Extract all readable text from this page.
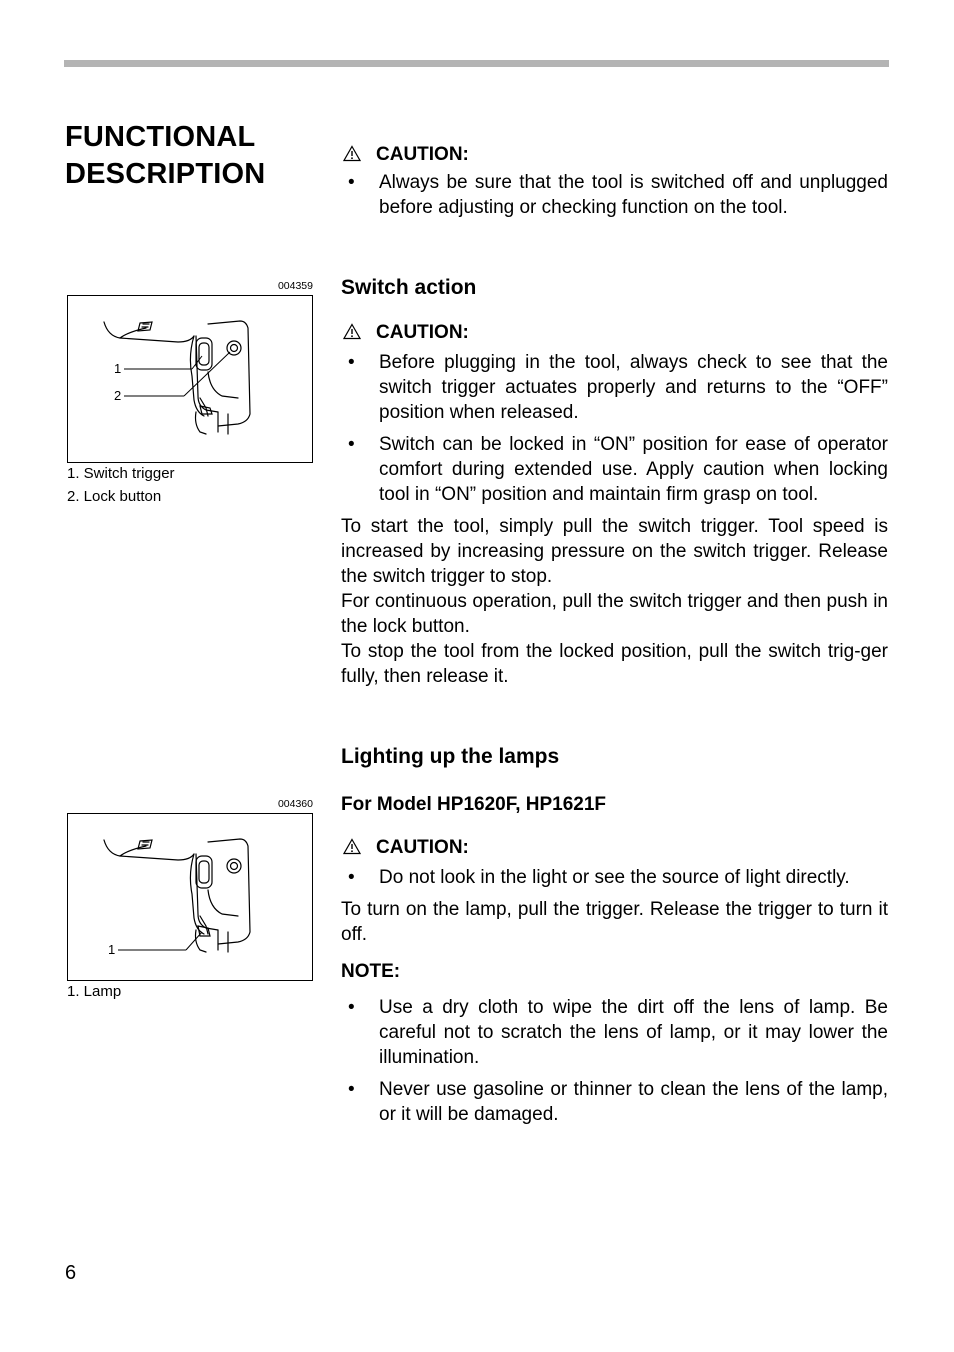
FUNCTIONAL
DESCRIPTION
004359
1
2
1. Switch trigger
2. Lock button
004360
1
1. Lamp
CAUTION:
• Always be sure that the tool is switched off and unplugged before adjusting or checking function on the tool.
Switch action
CAUTION:
• Before plugging in the tool, always check to see that the switch trigger actuates properly and returns to the “OFF” position when released.
• Switch can be locked in “ON” position for ease of operator comfort during extended use. Apply caution when locking tool in “ON” position and maintain firm grasp on tool.
To start the tool, simply pull the switch trigger. Tool speed is increased by increasing pressure on the switch trigger. Release the switch trigger to stop.
For continuous operation, pull the switch trigger and then push in the lock button.
To stop the tool from the locked position, pull the switch trig-ger fully, then release it.
Lighting up the lamps
For Model HP1620F, HP1621F
CAUTION:
• Do not look in the light or see the source of light directly.
To turn on the lamp, pull the trigger. Release the trigger to turn it off.
NOTE:
• Use a dry cloth to wipe the dirt off the lens of lamp. Be careful not to scratch the lens of lamp, or it may lower the illumination.
• Never use gasoline or thinner to clean the lens of the lamp, or it will be damaged.
6
